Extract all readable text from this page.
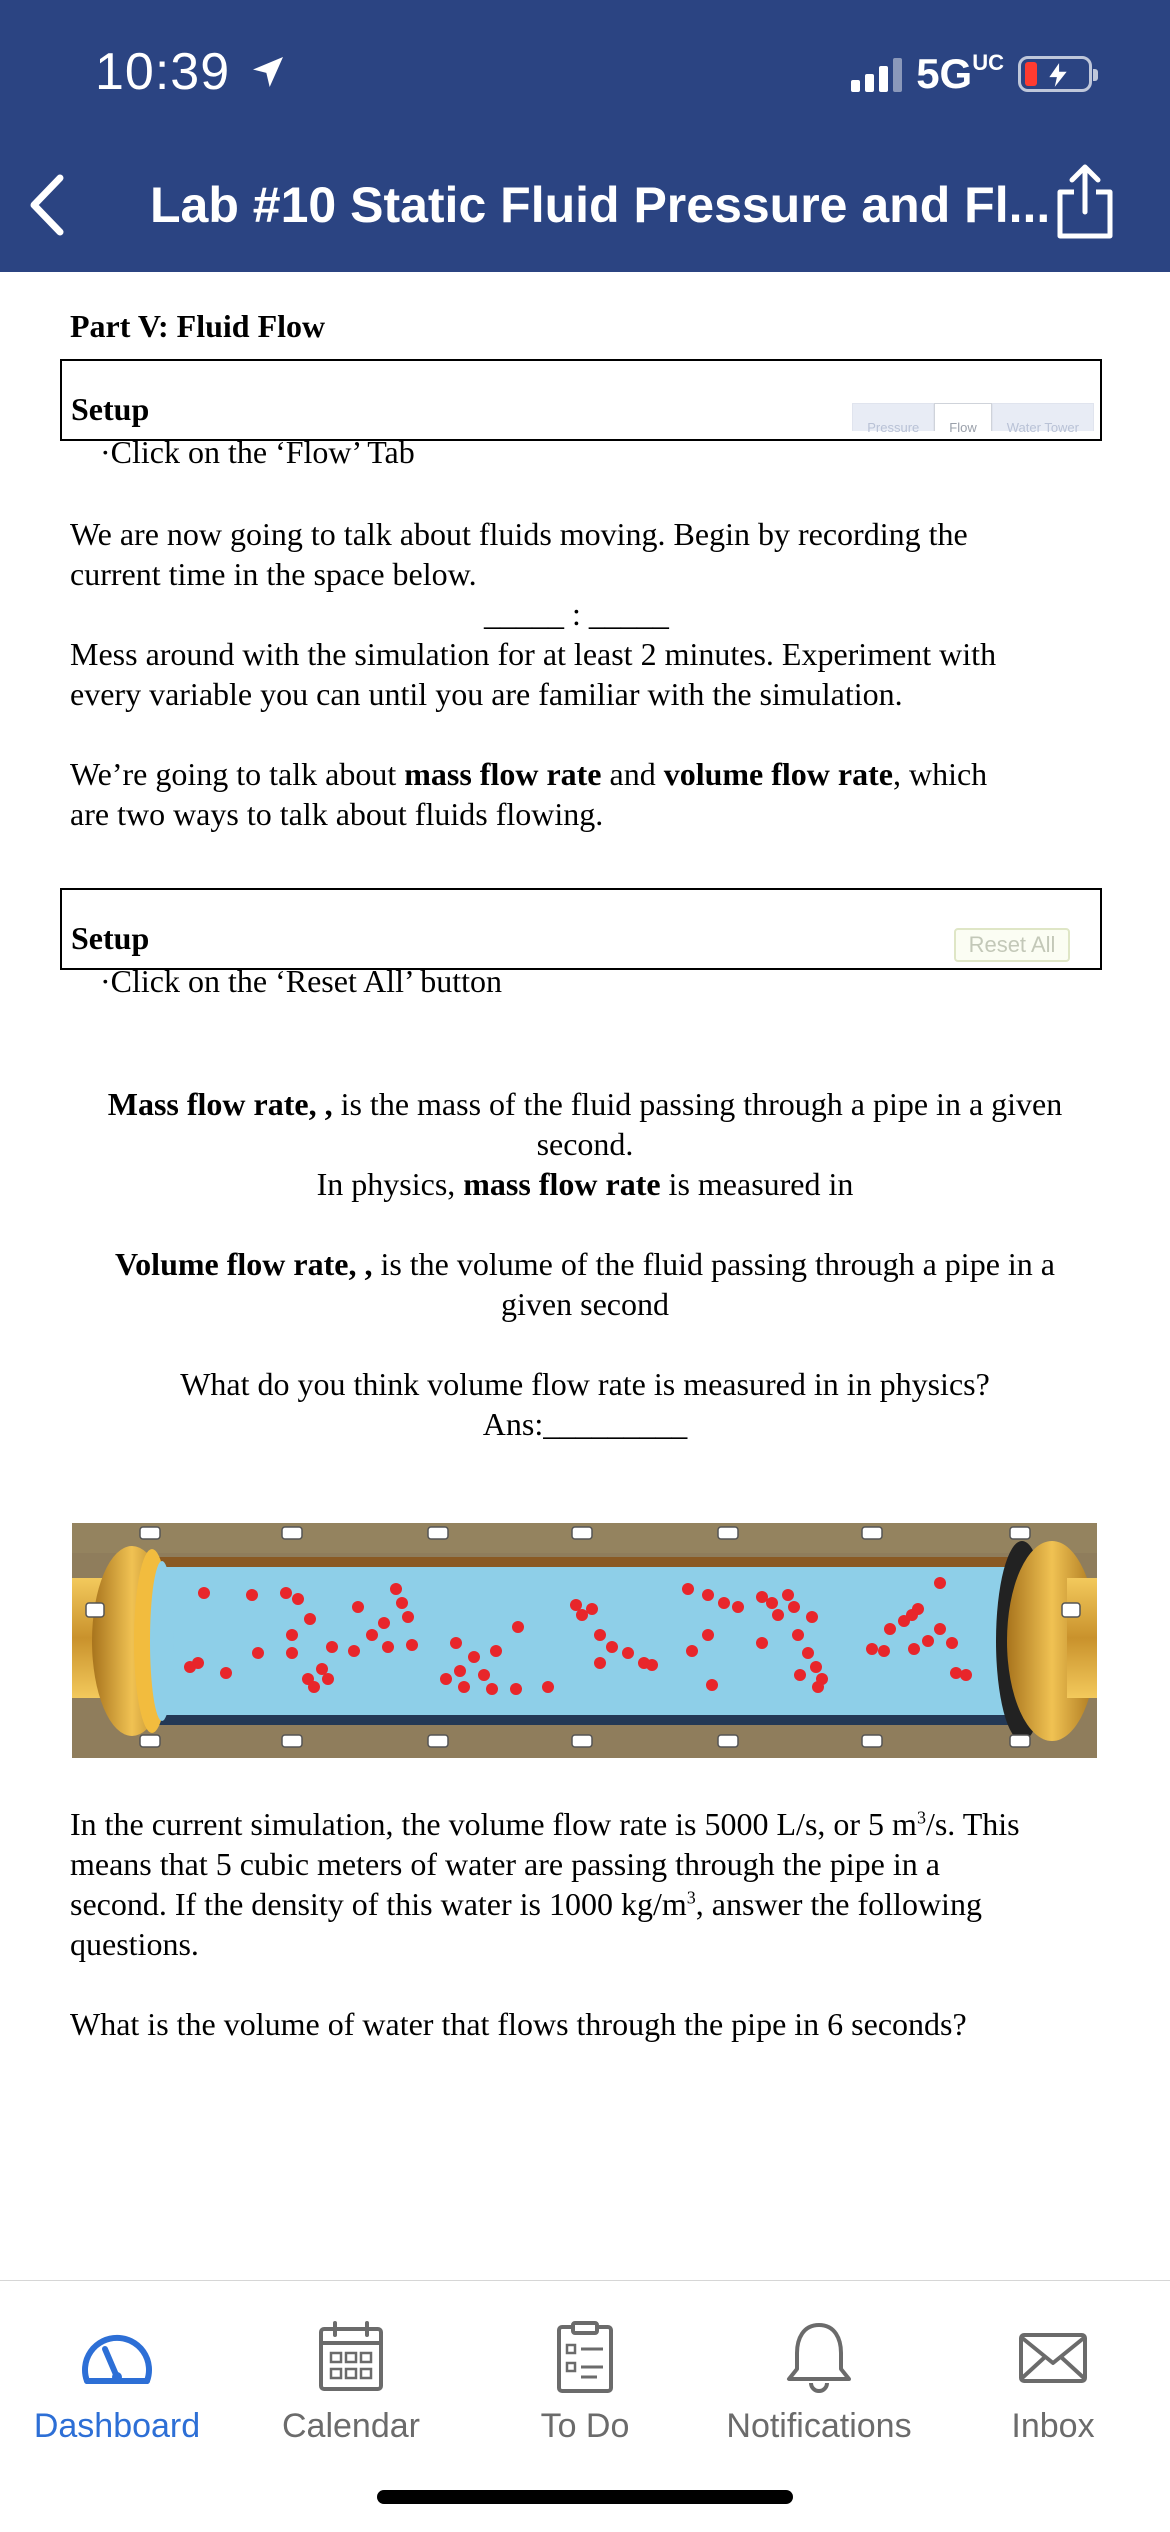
10:39	$5G^{UC}$
Lab #10 Static Fluid Pressure and Fl...
Part V: Fluid Flow
Setup
Pressure	Flow	Water Tower
·Click on the ‘Flow’ Tab
We are now going to talk about fluids moving. Begin by recording the
current time in the space below.
_____ : _____
Mess around with the simulation for at least 2 minutes. Experiment with
every variable you can until you are familiar with the simulation.
We’re going to talk about mass flow rate and volume flow rate, which
are two ways to talk about fluids flowing.
Setup	Reset All
·Click on the ‘Reset All’ button
Mass flow rate, , is the mass of the fluid passing through a pipe in a given
second.
In physics, mass flow rate is measured in
Volume flow rate, , is the volume of the fluid passing through a pipe in a
given second
What do you think volume flow rate is measured in in physics?
Ans:_________
In the current simulation, the volume flow rate is 5000 L/s, or 5 $m^3/s$. This
means that 5 cubic meters of water are passing through the pipe in a
second. If the density of this water is 1000 $kg/m^3$, answer the following
questions.
What is the volume of water that flows through the pipe in 6 seconds?
Dashboard	Calendar	To Do	Notifications	Inbox
